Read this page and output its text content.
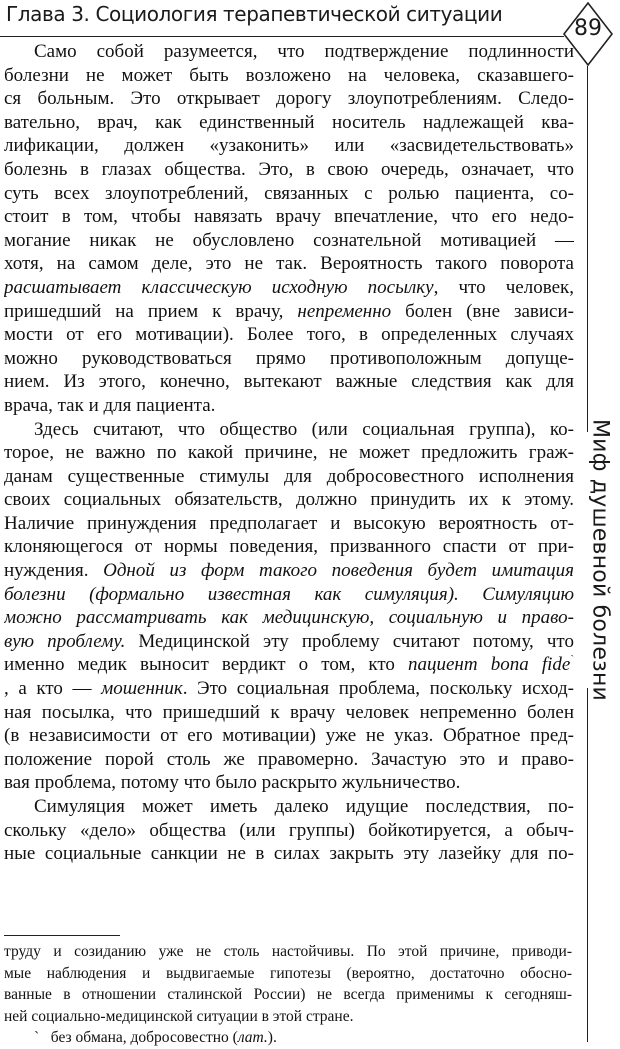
Глава 3. Социология терапевтической ситуации
89
Миф душевной болезни
Само собой разумеется, что подтверждение подлинности
болезни не может быть возложено на человека, сказавшего-
ся больным. Это открывает дорогу злоупотреблениям. Следо-
вательно, врач, как единственный носитель надлежащей ква-
лификации, должен «узаконить» или «засвидетельствовать»
болезнь в глазах общества. Это, в свою очередь, означает, что
суть всех злоупотреблений, связанных с ролью пациента, со-
стоит в том, чтобы навязать врачу впечатление, что его недо-
могание никак не обусловлено сознательной мотивацией —
хотя, на самом деле, это не так. Вероятность такого поворота
расшатывает классическую исходную посылку, что человек,
пришедший на прием к врачу, непременно болен (вне зависи-
мости от его мотивации). Более того, в определенных случаях
можно руководствоваться прямо противоположным допуще-
нием. Из этого, конечно, вытекают важные следствия как для
врача, так и для пациента.
Здесь считают, что общество (или социальная группа), ко-
торое, не важно по какой причине, не может предложить граж-
данам существенные стимулы для добросовестного исполнения
своих социальных обязательств, должно принудить их к этому.
Наличие принуждения предполагает и высокую вероятность от-
клоняющегося от нормы поведения, призванного спасти от при-
нуждения. Одной из форм такого поведения будет имитация
болезни (формально известная как симуляция). Симуляцию
можно рассматривать как медицинскую, социальную и право-
вую проблему. Медицинской эту проблему считают потому, что
именно медик выносит вердикт о том, кто пациент bona fide`
, а кто — мошенник. Это социальная проблема, поскольку исход-
ная посылка, что пришедший к врачу человек непременно болен
(в независимости от его мотивации) уже не указ. Обратное пред-
положение порой столь же правомерно. Зачастую это и право-
вая проблема, потому что было раскрыто жульничество.
Симуляция может иметь далеко идущие последствия, по-
скольку «дело» общества (или группы) бойкотируется, а обыч-
ные социальные санкции не в силах закрыть эту лазейку для по-
труду и созиданию уже не столь настойчивы. По этой причине, приводи-
мые наблюдения и выдвигаемые гипотезы (вероятно, достаточно обосно-
ванные в отношении сталинской России) не всегда применимы к сегодняш-
ней социально-медицинской ситуации в этой стране.
` без обмана, добросовестно (лат.).
